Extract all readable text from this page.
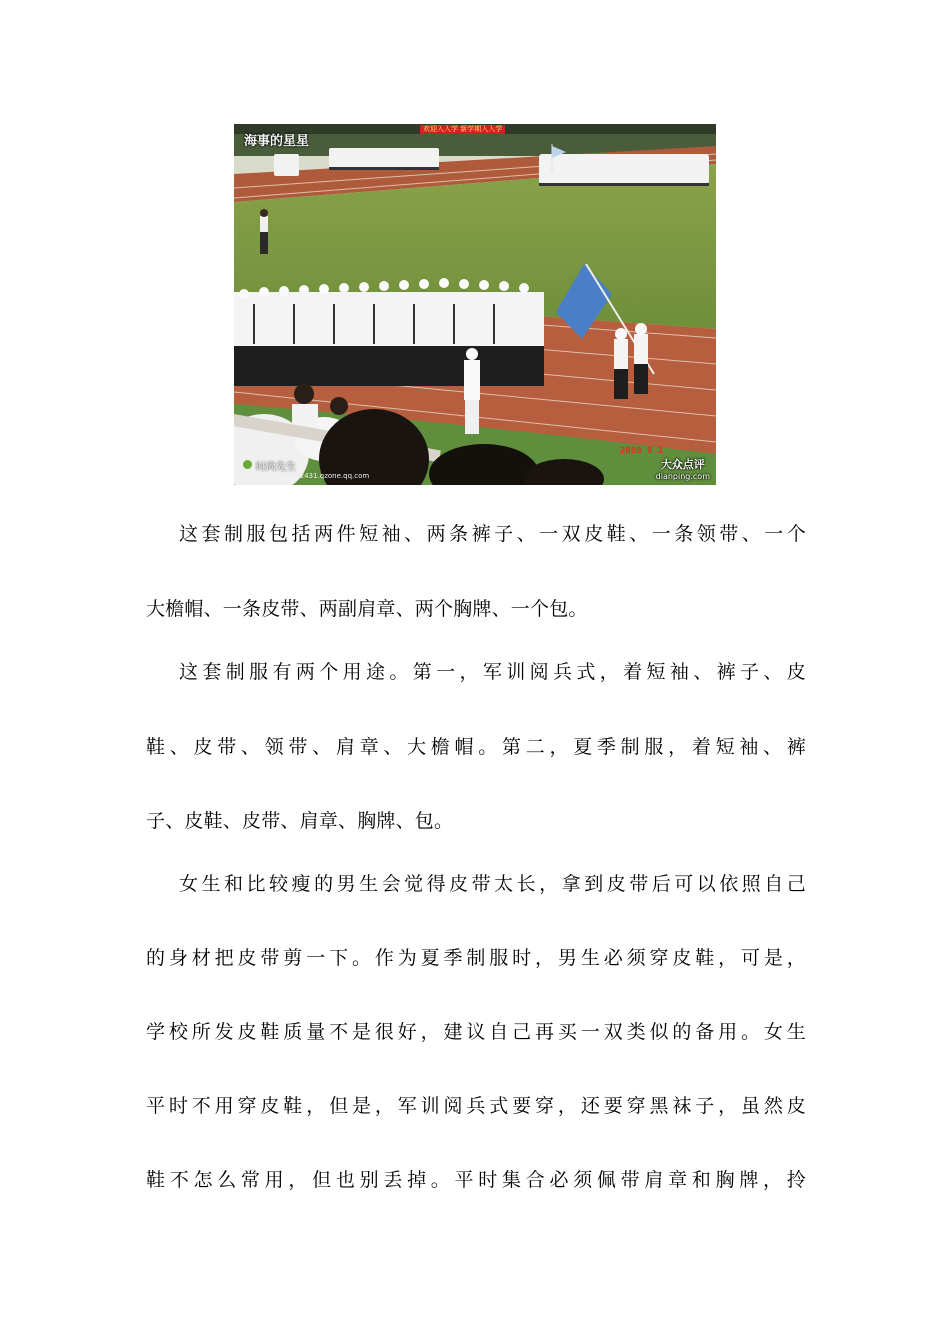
海事的星星
欢迎入入学 新学期入入学
时尚先生
http://315432431.qzone.qq.com
2008 9 1
大众点评
dianping.com
这套制服包括两件短袖、两条裤子、一双皮鞋、一条领带、一个
大檐帽、一条皮带、两副肩章、两个胸牌、一个包。
这套制服有两个用途。第一，军训阅兵式，着短袖、裤子、皮
鞋、皮带、领带、肩章、大檐帽。第二，夏季制服，着短袖、裤
子、皮鞋、皮带、肩章、胸牌、包。
女生和比较瘦的男生会觉得皮带太长，拿到皮带后可以依照自己
的身材把皮带剪一下。作为夏季制服时，男生必须穿皮鞋，可是，
学校所发皮鞋质量不是很好，建议自己再买一双类似的备用。女生
平时不用穿皮鞋，但是，军训阅兵式要穿，还要穿黑袜子，虽然皮
鞋不怎么常用，但也别丢掉。平时集合必须佩带肩章和胸牌，拎
